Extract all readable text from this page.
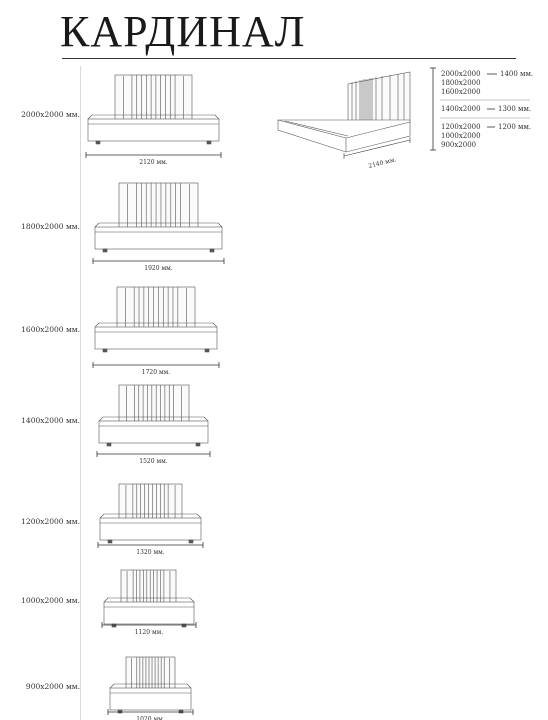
КАРДИНАЛ
2000x2000 мм.
1800x2000 мм.
1600x2000 мм.
1400x2000 мм.
1200x2000 мм.
1000x2000 мм.
900x2000 мм.
2120 мм.
1920 мм.
1720 мм.
1520 мм.
1320 мм.
1120 мм.
1020 мм.
2140 мм.
2000x2000
1800x2000
1600x2000
1400 мм.
1400x2000 1300 мм.
1200x2000
1000x2000
900x2000
1200 мм.
